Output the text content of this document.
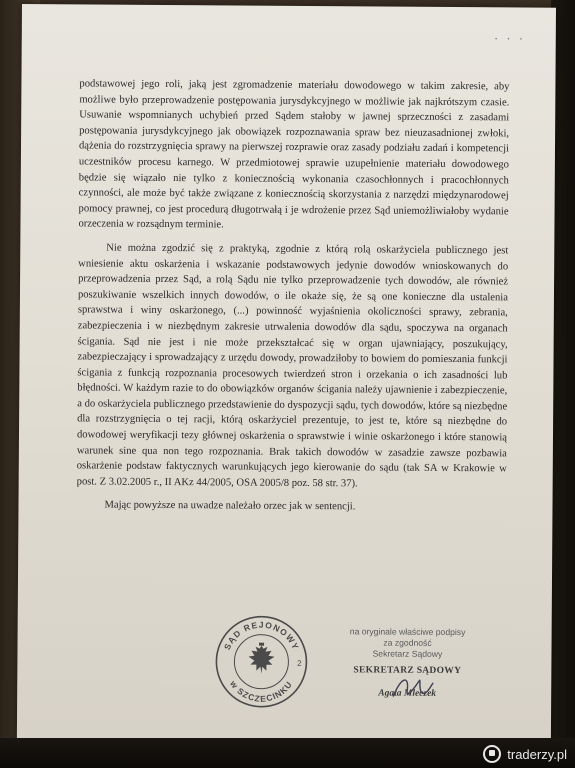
· · ·

podstawowej jego roli, jaką jest zgromadzenie materiału dowodowego w takim zakresie, aby możliwe było przeprowadzenie postępowania jurysdykcyjnego w możliwie jak najkrótszym czasie. Usuwanie wspomnianych uchybień przed Sądem stałoby w jawnej sprzeczności z zasadami postępowania jurysdykcyjnego jak obowiązek rozpoznawania spraw bez nieuzasadnionej zwłoki, dążenia do rozstrzygnięcia sprawy na pierwszej rozprawie oraz zasady podziału zadań i kompetencji uczestników procesu karnego. W przedmiotowej sprawie uzupełnienie materiału dowodowego będzie się wiązało nie tylko z koniecznością wykonania czasochłonnych i pracochłonnych czynności, ale może być także związane z koniecznością skorzystania z narzędzi międzynarodowej pomocy prawnej, co jest procedurą długotrwałą i je wdrożenie przez Sąd uniemożliwiałoby wydanie orzeczenia w rozsądnym terminie.

Nie można zgodzić się z praktyką, zgodnie z którą rolą oskarżyciela publicznego jest wniesienie aktu oskarżenia i wskazanie podstawowych jedynie dowodów wnioskowanych do przeprowadzenia przez Sąd, a rolą Sądu nie tylko przeprowadzenie tych dowodów, ale również poszukiwanie wszelkich innych dowodów, o ile okaże się, że są one konieczne dla ustalenia sprawstwa i winy oskarżonego, (...) powinność wyjaśnienia okoliczności sprawy, zebrania, zabezpieczenia i w niezbędnym zakresie utrwalenia dowodów dla sądu, spoczywa na organach ścigania. Sąd nie jest i nie może przekształcać się w organ ujawniający, poszukujący, zabezpieczający i sprowadzający z urzędu dowody, prowadziłoby to bowiem do pomieszania funkcji ścigania z funkcją rozpoznania procesowych twierdzeń stron i orzekania o ich zasadności lub błędności. W każdym razie to do obowiązków organów ścigania należy ujawnienie i zabezpieczenie, a do oskarżyciela publicznego przedstawienie do dyspozycji sądu, tych dowodów, które są niezbędne dla rozstrzygnięcia o tej racji, którą oskarżyciel prezentuje, to jest te, które są niezbędne do dowodowej weryfikacji tezy głównej oskarżenia o sprawstwie i winie oskarżonego i które stanowią warunek sine qua non tego rozpoznania. Brak takich dowodów w zasadzie zawsze pozbawia oskarżenie podstaw faktycznych warunkujących jego kierowanie do sądu (tak SA w Krakowie w post. Z 3.02.2005 r., II AKz 44/2005, OSA 2005/8 poz. 58 str. 37).

Mając powyższe na uwadze należało orzec jak w sentencji.

SĄD REJONOWY
w SZCZECINKU
2
na oryginale właściwe podpisy
za zgodność
Sekretarz Sądowy
SEKRETARZ SĄDOWY
Agata Mleczek
traderzy.pl
